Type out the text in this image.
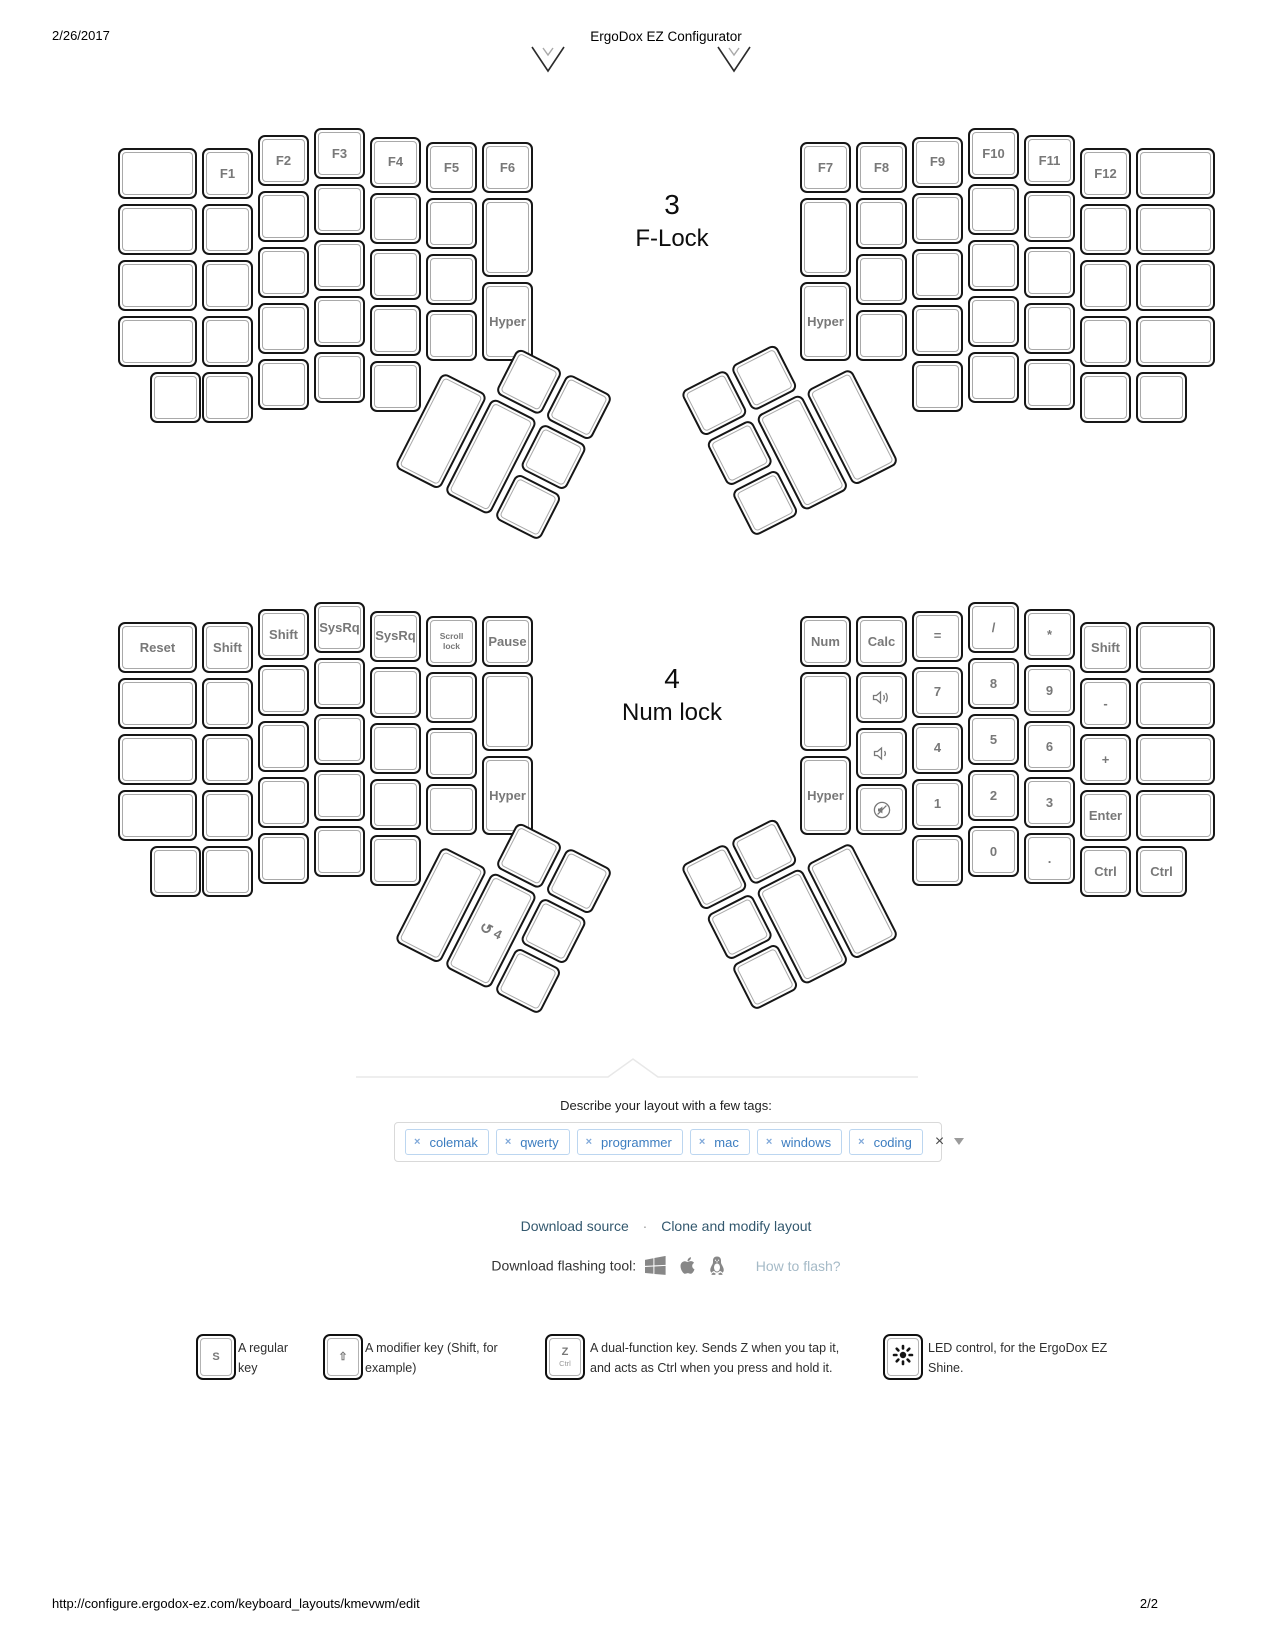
2/26/2017	ErgoDox EZ Configurator
F1
F2	F3
F4	F5	F6
Hyper
F7	F8	F9
F10	F11
F12
Hyper
3
F-Lock
Reset	Shift
Shift SysRq
SysRq	Scroll lock	Pause
Hyper
Num Calc	=
/	*
Shift
7
8	9
-
Hyper
4
5	6
+
1
2	3
Enter
0	.
Ctrl	Ctrl
↺
4
4
Num lock
Describe your layout with a few tags:
× colemak × qwerty × programmer × mac × windows × coding ×
Download source · Clone and modify layout
Download flashing tool:	How to flash?
S
A regular
key
⇧
A modifier key (Shift, for
example)
Z
Ctrl
A dual-function key. Sends Z when you tap it,
and acts as Ctrl when you press and hold it.
LED control, for the ErgoDox EZ
Shine.
http://configure.ergodox-ez.com/keyboard_layouts/kmevwm/edit	2/2
